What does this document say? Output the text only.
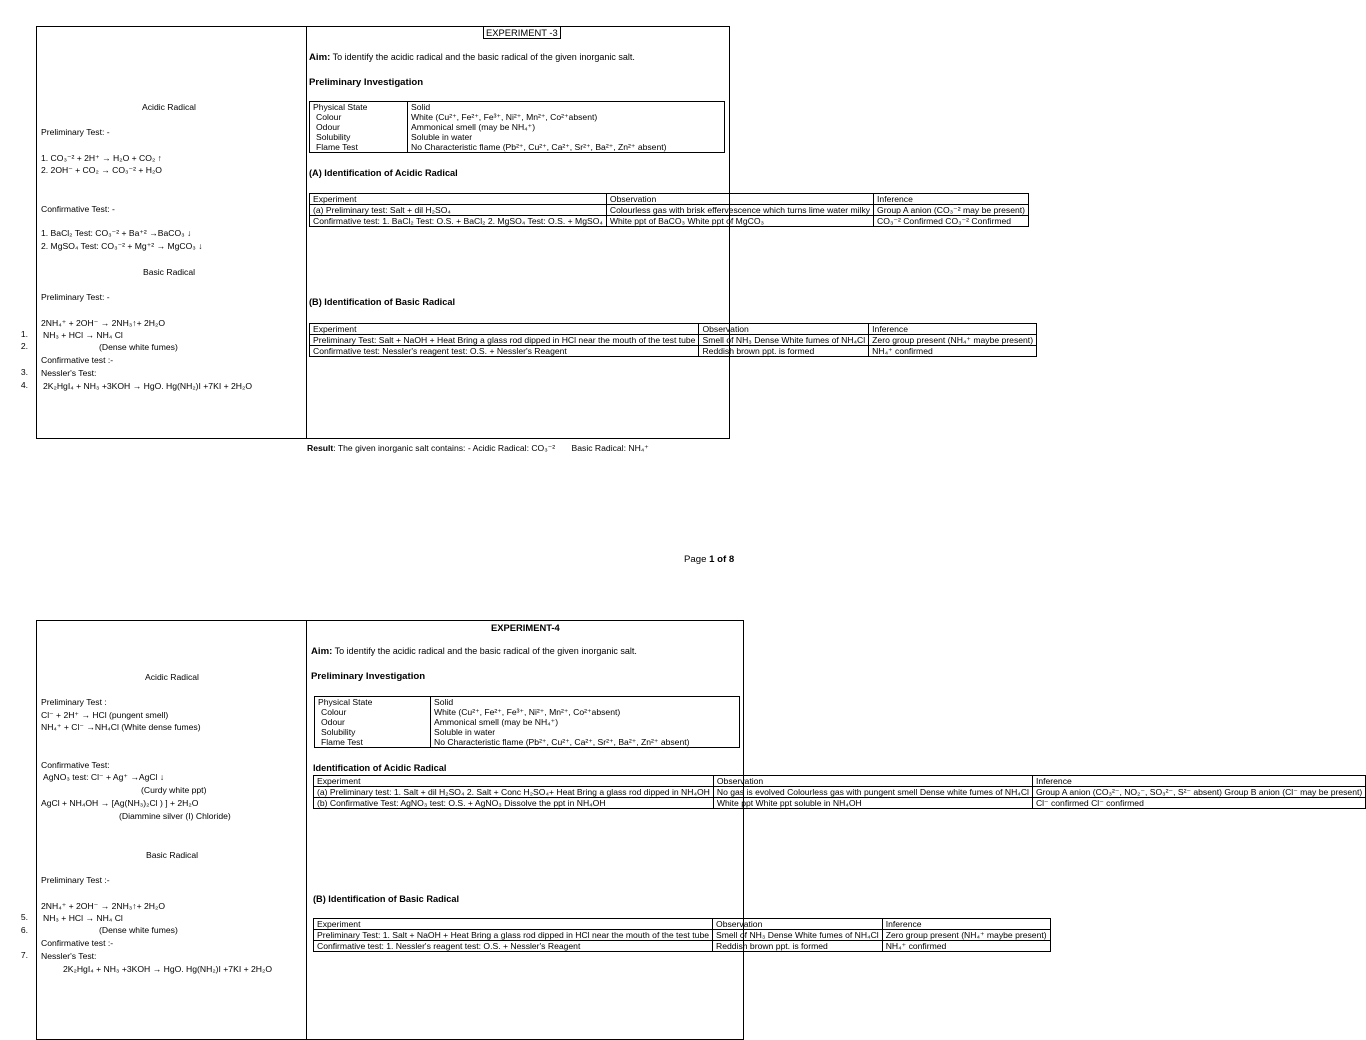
Acidic Radical
Preliminary Test: -
1. CO₃⁻² + 2H⁺ → H₂O + CO₂ ↑
2. 2OH⁻ + CO₂ → CO₃⁻² + H₂O
Confirmative Test: -
1. BaCl₂ Test: CO₃⁻² + Ba⁺² →BaCO₃ ↓
2. MgSO₄ Test: CO₃⁻² + Mg⁺² → MgCO₃ ↓
Basic Radical
Preliminary Test: -
2NH₄⁺ + 2OH⁻ → 2NH₃↑+ 2H₂O
NH₃ + HCl → NH₄ Cl
(Dense white fumes)
Confirmative test :-
Nessler's Test:
2K₂HgI₄ + NH₃ +3KOH → HgO. Hg(NH₂)I +7KI + 2H₂O
EXPERIMENT -3
Aim: To identify the acidic radical and the basic radical of the given inorganic salt.
Preliminary Investigation
Physical State	Solid
Colour	White (Cu²⁺, Fe²⁺, Fe³⁺, Ni²⁺, Mn²⁺, Co²⁺absent)
Odour	Ammonical smell (may be NH₄⁺)
Solubility	Soluble in water
Flame Test	No Characteristic flame (Pb²⁺, Cu²⁺, Ca²⁺, Sr²⁺, Ba²⁺, Zn²⁺ absent)
(A) Identification of Acidic Radical
Experiment	Observation	Inference
(a) Preliminary test: Salt + dil H₂SO₄	Colourless gas with brisk effervescence which turns lime water milky	Group A anion (CO₃⁻² may be present)
Confirmative test: 1. BaCl₂ Test: O.S. + BaCl₂ 2. MgSO₄ Test: O.S. + MgSO₄	White ppt of BaCO₃ White ppt of MgCO₃	CO₃⁻² Confirmed CO₃⁻² Confirmed
(B) Identification of Basic Radical
Experiment	Observation	Inference
Preliminary Test: Salt + NaOH + Heat Bring a glass rod dipped in HCl near the mouth of the test tube	Smell of NH₃ Dense White fumes of NH₄Cl	Zero group present (NH₄⁺ maybe present)
Confirmative test: Nessler's reagent test: O.S. + Nessler's Reagent	Reddish brown ppt. is formed	NH₄⁺ confirmed
Result: The given inorganic salt contains: - Acidic Radical: CO₃⁻² Basic Radical: NH₄⁺
1.
2.
3.
4.
Page 1 of 8
Acidic Radical
Preliminary Test :
Cl⁻ + 2H⁺ → HCl (pungent smell)
NH₄⁺ + Cl⁻ →NH₄Cl (White dense fumes)
Confirmative Test:
AgNO₃ test: Cl⁻ + Ag⁺ →AgCl ↓
(Curdy white ppt)
AgCl + NH₄OH → [Ag(NH₃)₂Cl ) ] + 2H₂O
(Diammine silver (I) Chloride)
Basic Radical
Preliminary Test :-
2NH₄⁺ + 2OH⁻ → 2NH₃↑+ 2H₂O
NH₃ + HCl → NH₄ Cl
(Dense white fumes)
Confirmative test :-
Nessler's Test:
2K₂HgI₄ + NH₃ +3KOH → HgO. Hg(NH₂)I +7KI + 2H₂O
EXPERIMENT-4
Aim: To identify the acidic radical and the basic radical of the given inorganic salt.
Preliminary Investigation
Physical State	Solid
Colour	White (Cu²⁺, Fe²⁺, Fe³⁺, Ni²⁺, Mn²⁺, Co²⁺absent)
Odour	Ammonical smell (may be NH₄⁺)
Solubility	Soluble in water
Flame Test	No Characteristic flame (Pb²⁺, Cu²⁺, Ca²⁺, Sr²⁺, Ba²⁺, Zn²⁺ absent)
Identification of Acidic Radical
Experiment	Observation	Inference
(a) Preliminary test: 1. Salt + dil H₂SO₄ 2. Salt + Conc H₂SO₄+ Heat Bring a glass rod dipped in NH₄OH	No gas is evolved Colourless gas with pungent smell Dense white fumes of NH₄Cl	Group A anion (CO₃²⁻, NO₂⁻, SO₃²⁻, S²⁻ absent) Group B anion (Cl⁻ may be present)
(b) Confirmative Test: AgNO₃ test: O.S. + AgNO₃ Dissolve the ppt in NH₄OH	White ppt White ppt soluble in NH₄OH	Cl⁻ confirmed Cl⁻ confirmed
(B) Identification of Basic Radical
Experiment	Observation	Inference
Preliminary Test: 1. Salt + NaOH + Heat Bring a glass rod dipped in HCl near the mouth of the test tube	Smell of NH₃ Dense White fumes of NH₄Cl	Zero group present (NH₄⁺ maybe present)
Confirmative test: 1. Nessler's reagent test: O.S. + Nessler's Reagent	Reddish brown ppt. is formed	NH₄⁺ confirmed
5.
6.
7.
